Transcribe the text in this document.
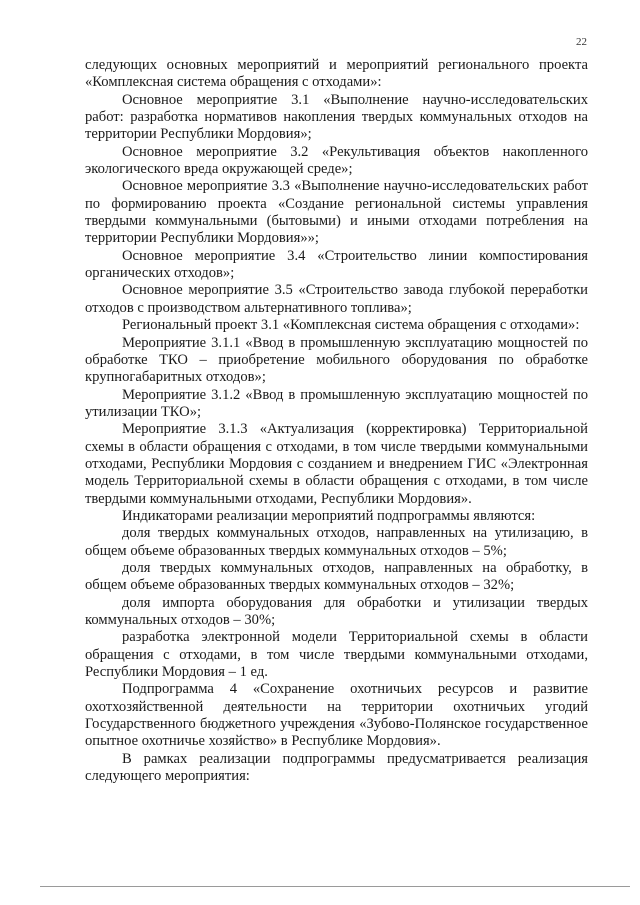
22

следующих основных мероприятий и мероприятий регионального проекта «Комплексная система обращения с отходами»:

Основное мероприятие 3.1 «Выполнение научно-исследовательских работ: разработка нормативов накопления твердых коммунальных отходов на территории Республики Мордовия»;

Основное мероприятие 3.2 «Рекультивация объектов накопленного экологического вреда окружающей среде»;

Основное мероприятие 3.3 «Выполнение научно-исследовательских работ по формированию проекта «Создание региональной системы управления твердыми коммунальными (бытовыми) и иными отходами потребления на территории Республики Мордовия»»;

Основное мероприятие 3.4 «Строительство линии компостирования органических отходов»;

Основное мероприятие 3.5 «Строительство завода глубокой переработки отходов с производством альтернативного топлива»;

Региональный проект 3.1 «Комплексная система обращения с отходами»:

Мероприятие 3.1.1 «Ввод в промышленную эксплуатацию мощностей по обработке ТКО – приобретение мобильного оборудования по обработке крупногабаритных отходов»;

Мероприятие 3.1.2 «Ввод в промышленную эксплуатацию мощностей по утилизации ТКО»;

Мероприятие 3.1.3 «Актуализация (корректировка) Территориальной схемы в области обращения с отходами, в том числе твердыми коммунальными отходами, Республики Мордовия с созданием и внедрением ГИС «Электронная модель Территориальной схемы в области обращения с отходами, в том числе твердыми коммунальными отходами, Республики Мордовия».

Индикаторами реализации мероприятий подпрограммы являются:

доля твердых коммунальных отходов, направленных на утилизацию, в общем объеме образованных твердых коммунальных отходов – 5%;

доля твердых коммунальных отходов, направленных на обработку, в общем объеме образованных твердых коммунальных отходов – 32%;

доля импорта оборудования для обработки и утилизации твердых коммунальных отходов – 30%;

разработка электронной модели Территориальной схемы в области обращения с отходами, в том числе твердыми коммунальными отходами, Республики Мордовия – 1 ед.

Подпрограмма 4 «Сохранение охотничьих ресурсов и развитие охотхозяйственной деятельности на территории охотничьих угодий Государственного бюджетного учреждения «Зубово-Полянское государственное опытное охотничье хозяйство» в Республике Мордовия».

В рамках реализации подпрограммы предусматривается реализация следующего мероприятия:
